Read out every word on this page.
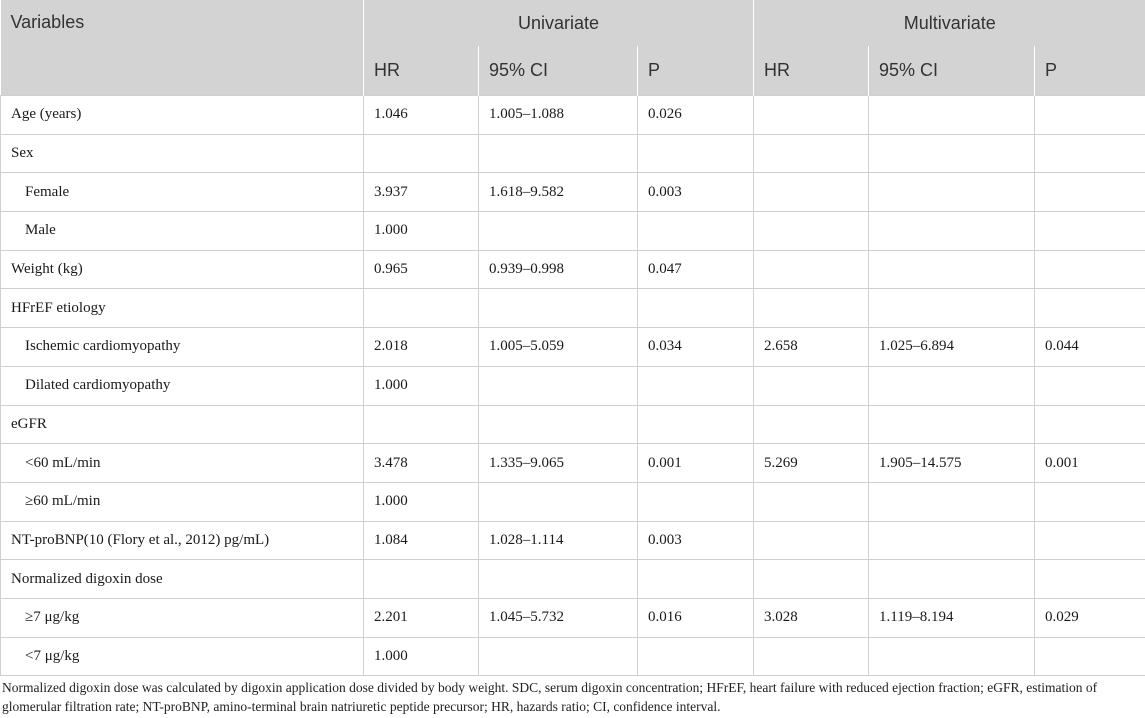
Variables	Univariate			Multivariate		
	HR	95% CI	P	HR	95% CI	P
Age (years)	1.046	1.005–1.088	0.026			
Sex						
Female	3.937	1.618–9.582	0.003			
Male	1.000					
Weight (kg)	0.965	0.939–0.998	0.047			
HFrEF etiology						
Ischemic cardiomyopathy	2.018	1.005–5.059	0.034	2.658	1.025–6.894	0.044
Dilated cardiomyopathy	1.000					
eGFR						
<60 mL/min	3.478	1.335–9.065	0.001	5.269	1.905–14.575	0.001
≥60 mL/min	1.000					
NT-proBNP(10 (Flory et al., 2012) pg/mL)	1.084	1.028–1.114	0.003			
Normalized digoxin dose						
≥7 μg/kg	2.201	1.045–5.732	0.016	3.028	1.119–8.194	0.029
<7 μg/kg	1.000					
Normalized digoxin dose was calculated by digoxin application dose divided by body weight. SDC, serum digoxin concentration; HFrEF, heart failure with reduced ejection fraction; eGFR, estimation of glomerular filtration rate; NT-proBNP, amino-terminal brain natriuretic peptide precursor; HR, hazards ratio; CI, confidence interval.
